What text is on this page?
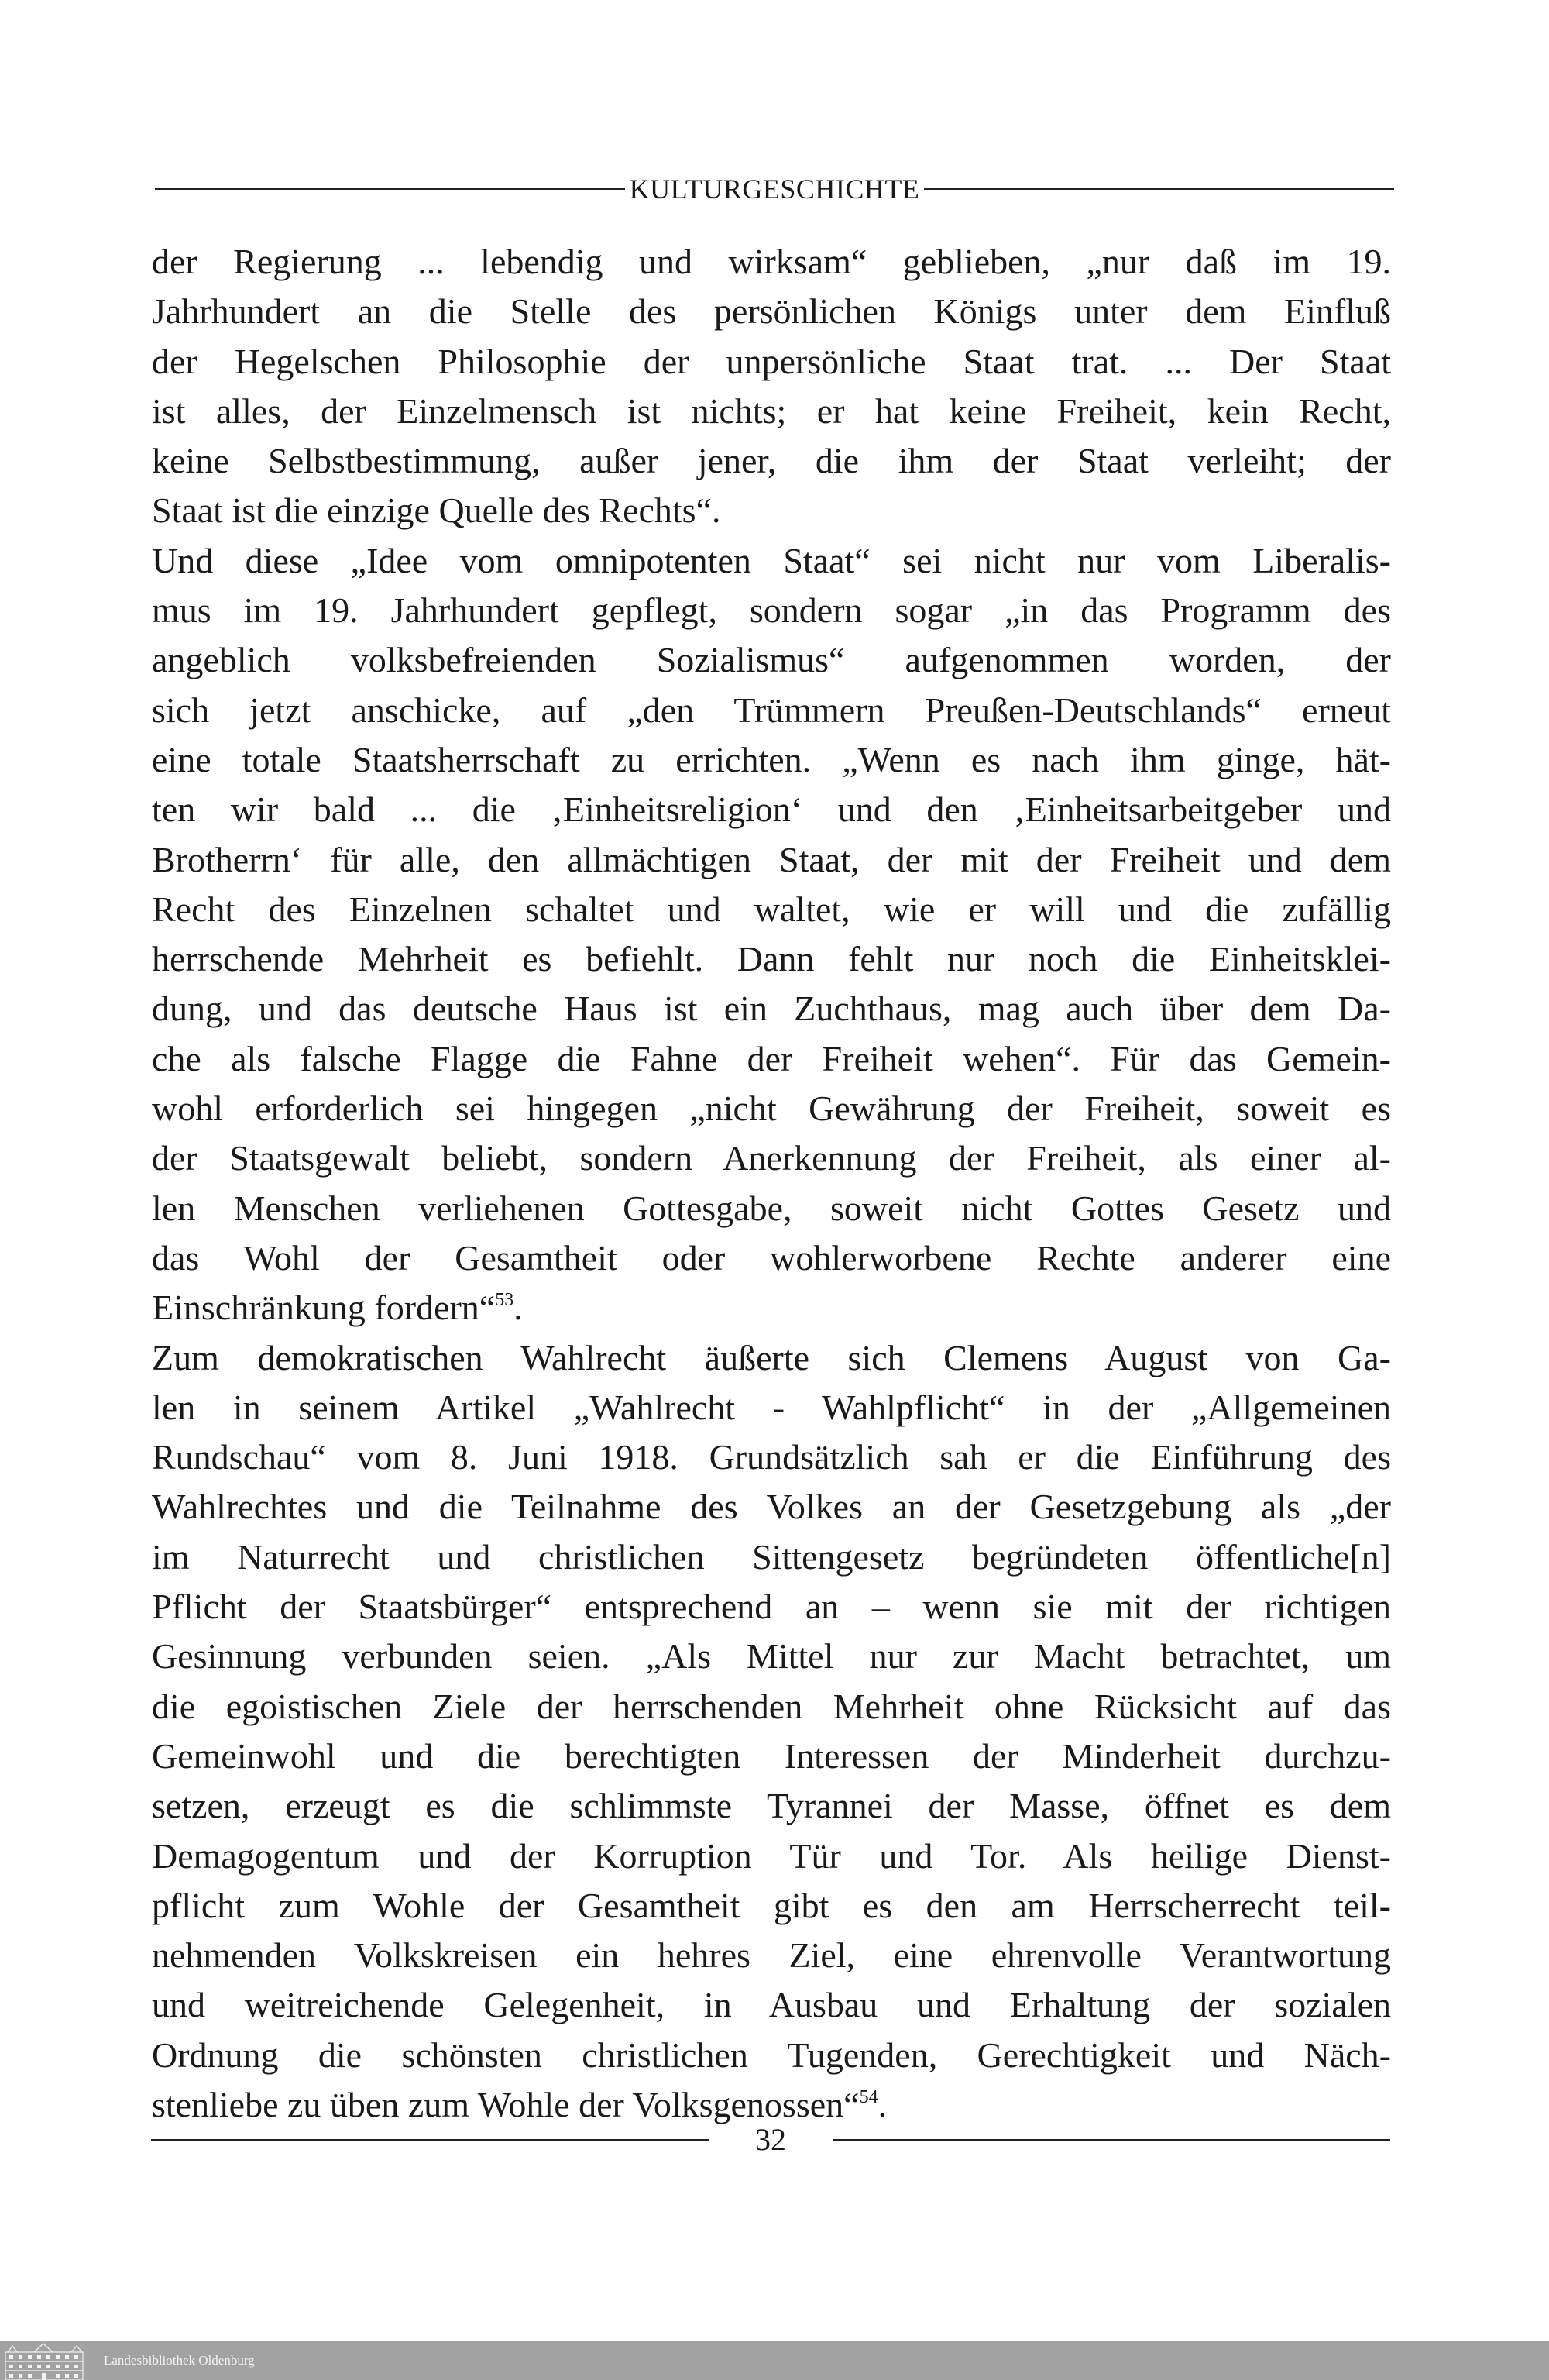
KULTURGESCHICHTE
der Regierung ... lebendig und wirksam“ geblieben, „nur daß im 19.
Jahrhundert an die Stelle des persönlichen Königs unter dem Einfluß
der Hegelschen Philosophie der unpersönliche Staat trat. ... Der Staat
ist alles, der Einzelmensch ist nichts; er hat keine Freiheit, kein Recht,
keine Selbstbestimmung, außer jener, die ihm der Staat verleiht; der
Staat ist die einzige Quelle des Rechts“.
Und diese „Idee vom omnipotenten Staat“ sei nicht nur vom Liberalis-
mus im 19. Jahrhundert gepflegt, sondern sogar „in das Programm des
angeblich volksbefreienden Sozialismus“ aufgenommen worden, der
sich jetzt anschicke, auf „den Trümmern Preußen-Deutschlands“ erneut
eine totale Staatsherrschaft zu errichten. „Wenn es nach ihm ginge, hät-
ten wir bald ... die ‚Einheitsreligion‘ und den ‚Einheitsarbeitgeber und
Brotherrn‘ für alle, den allmächtigen Staat, der mit der Freiheit und dem
Recht des Einzelnen schaltet und waltet, wie er will und die zufällig
herrschende Mehrheit es befiehlt. Dann fehlt nur noch die Einheitsklei-
dung, und das deutsche Haus ist ein Zuchthaus, mag auch über dem Da-
che als falsche Flagge die Fahne der Freiheit wehen“. Für das Gemein-
wohl erforderlich sei hingegen „nicht Gewährung der Freiheit, soweit es
der Staatsgewalt beliebt, sondern Anerkennung der Freiheit, als einer al-
len Menschen verliehenen Gottesgabe, soweit nicht Gottes Gesetz und
das Wohl der Gesamtheit oder wohlerworbene Rechte anderer eine
Einschränkung fordern“$^{53}$.
Zum demokratischen Wahlrecht äußerte sich Clemens August von Ga-
len in seinem Artikel „Wahlrecht - Wahlpflicht“ in der „Allgemeinen
Rundschau“ vom 8. Juni 1918. Grundsätzlich sah er die Einführung des
Wahlrechtes und die Teilnahme des Volkes an der Gesetzgebung als „der
im Naturrecht und christlichen Sittengesetz begründeten öffentliche[n]
Pflicht der Staatsbürger“ entsprechend an – wenn sie mit der richtigen
Gesinnung verbunden seien. „Als Mittel nur zur Macht betrachtet, um
die egoistischen Ziele der herrschenden Mehrheit ohne Rücksicht auf das
Gemeinwohl und die berechtigten Interessen der Minderheit durchzu-
setzen, erzeugt es die schlimmste Tyrannei der Masse, öffnet es dem
Demagogentum und der Korruption Tür und Tor. Als heilige Dienst-
pflicht zum Wohle der Gesamtheit gibt es den am Herrscherrecht teil-
nehmenden Volkskreisen ein hehres Ziel, eine ehrenvolle Verantwortung
und weitreichende Gelegenheit, in Ausbau und Erhaltung der sozialen
Ordnung die schönsten christlichen Tugenden, Gerechtigkeit und Näch-
stenliebe zu üben zum Wohle der Volksgenossen“$^{54}$.
32
Landesbibliothek Oldenburg
